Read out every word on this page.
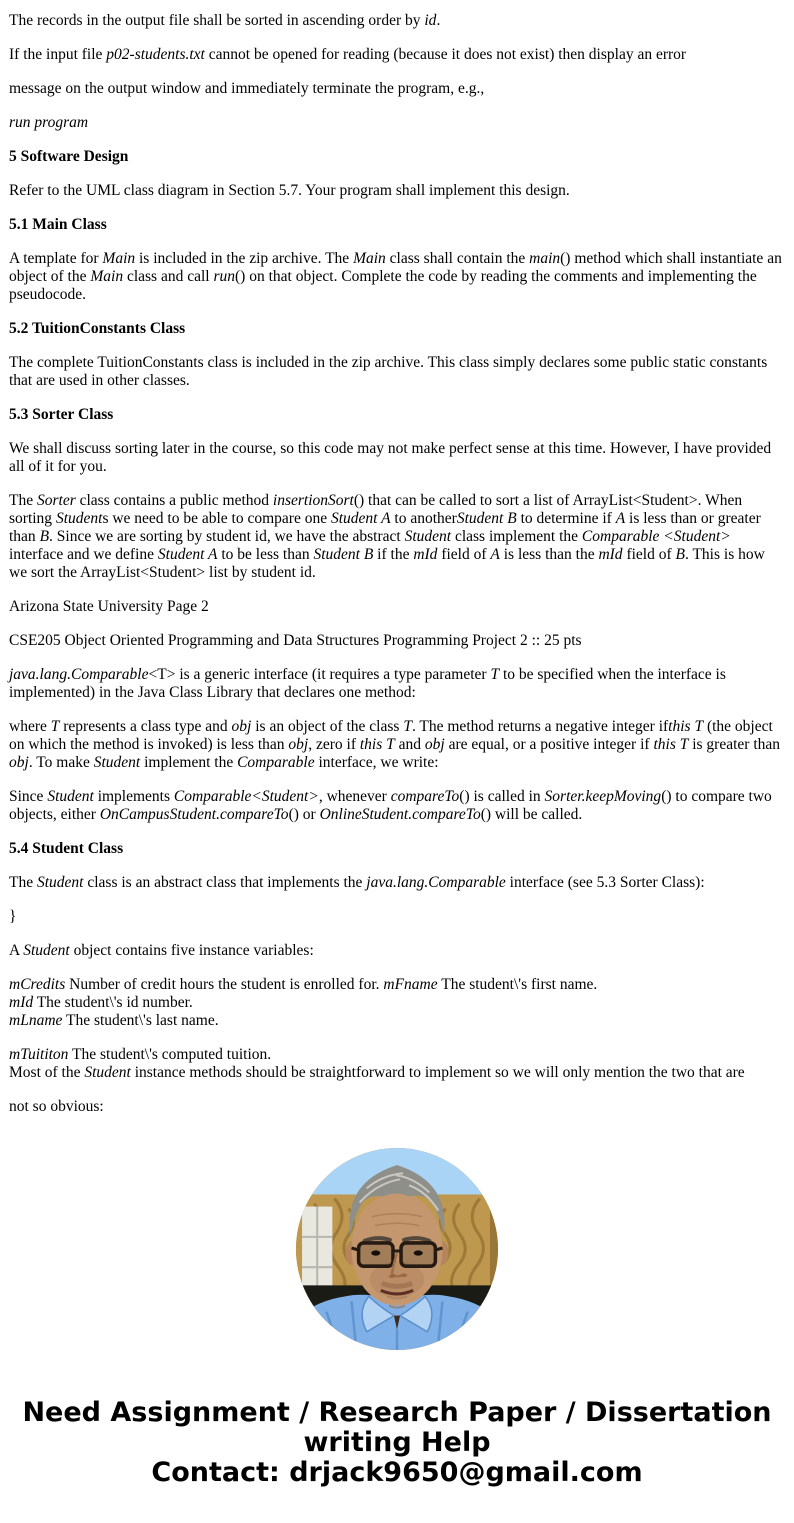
The records in the output file shall be sorted in ascending order by id.

If the input file p02-students.txt cannot be opened for reading (because it does not exist) then display an error

message on the output window and immediately terminate the program, e.g.,

run program

5 Software Design

Refer to the UML class diagram in Section 5.7. Your program shall implement this design.

5.1 Main Class

A template for Main is included in the zip archive. The Main class shall contain the main() method which shall instantiate an object of the Main class and call run() on that object. Complete the code by reading the comments and implementing the pseudocode.

5.2 TuitionConstants Class

The complete TuitionConstants class is included in the zip archive. This class simply declares some public static constants that are used in other classes.

5.3 Sorter Class

We shall discuss sorting later in the course, so this code may not make perfect sense at this time. However, I have provided all of it for you.

The Sorter class contains a public method insertionSort() that can be called to sort a list of ArrayList<Student>. When sorting Students we need to be able to compare one Student A to anotherStudent B to determine if A is less than or greater than B. Since we are sorting by student id, we have the abstract Student class implement the Comparable <Student> interface and we define Student A to be less than Student B if the mId field of A is less than the mId field of B. This is how we sort the ArrayList<Student> list by student id.

Arizona State University Page 2

CSE205 Object Oriented Programming and Data Structures Programming Project 2 :: 25 pts

java.lang.Comparable<T> is a generic interface (it requires a type parameter T to be specified when the interface is implemented) in the Java Class Library that declares one method:

where T represents a class type and obj is an object of the class T. The method returns a negative integer ifthis T (the object on which the method is invoked) is less than obj, zero if this T and obj are equal, or a positive integer if this T is greater than obj. To make Student implement the Comparable interface, we write:

Since Student implements Comparable<Student>, whenever compareTo() is called in Sorter.keepMoving() to compare two objects, either OnCampusStudent.compareTo() or OnlineStudent.compareTo() will be called.

5.4 Student Class

The Student class is an abstract class that implements the java.lang.Comparable interface (see 5.3 Sorter Class):

}

A Student object contains five instance variables:

mCredits Number of credit hours the student is enrolled for. mFname The student\'s first name.
mId The student\'s id number.
mLname The student\'s last name.

mTuititon The student\'s computed tuition.
Most of the Student instance methods should be straightforward to implement so we will only mention the two that are

not so obvious:

Need Assignment / Research Paper / Dissertation
writing Help
Contact: drjack9650@gmail.com
